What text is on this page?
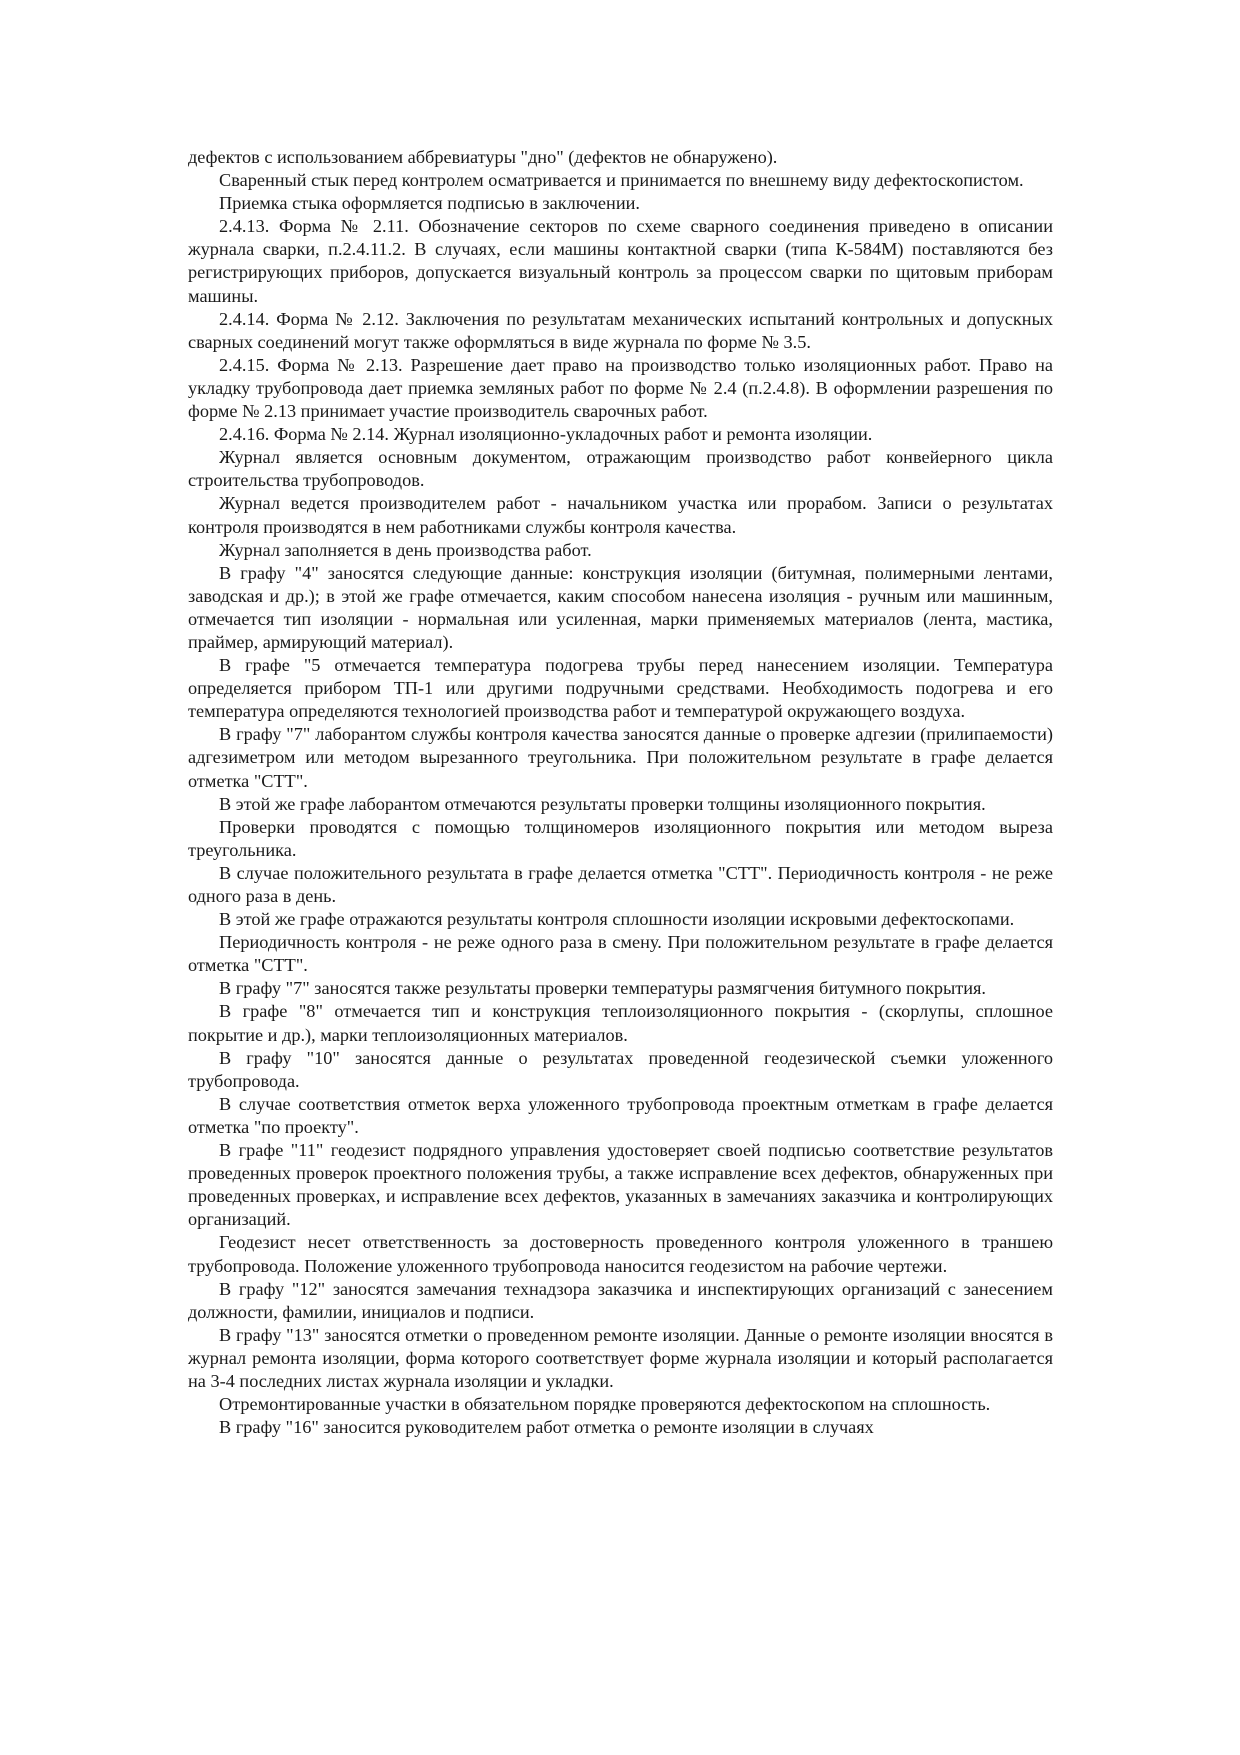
дефектов с использованием аббревиатуры "дно" (дефектов не обнаружено).

Сваренный стык перед контролем осматривается и принимается по внешнему виду дефектоскопистом.

Приемка стыка оформляется подписью в заключении.

2.4.13. Форма № 2.11. Обозначение секторов по схеме сварного соединения приведено в описании журнала сварки, п.2.4.11.2. В случаях, если машины контактной сварки (типа К-584М) поставляются без регистрирующих приборов, допускается визуальный контроль за процессом сварки по щитовым приборам машины.

2.4.14. Форма № 2.12. Заключения по результатам механических испытаний контрольных и допускных сварных соединений могут также оформляться в виде журнала по форме № 3.5.

2.4.15. Форма № 2.13. Разрешение дает право на производство только изоляционных работ. Право на укладку трубопровода дает приемка земляных работ по форме № 2.4 (п.2.4.8). В оформлении разрешения по форме № 2.13 принимает участие производитель сварочных работ.

2.4.16. Форма № 2.14. Журнал изоляционно-укладочных работ и ремонта изоляции.

Журнал является основным документом, отражающим производство работ конвейерного цикла строительства трубопроводов.

Журнал ведется производителем работ - начальником участка или прорабом. Записи о результатах контроля производятся в нем работниками службы контроля качества.

Журнал заполняется в день производства работ.

В графу "4" заносятся следующие данные: конструкция изоляции (битумная, полимерными лентами, заводская и др.); в этой же графе отмечается, каким способом нанесена изоляция - ручным или машинным, отмечается тип изоляции - нормальная или усиленная, марки применяемых материалов (лента, мастика, праймер, армирующий материал).

В графе "5 отмечается температура подогрева трубы перед нанесением изоляции. Температура определяется прибором ТП-1 или другими подручными средствами. Необходимость подогрева и его температура определяются технологией производства работ и температурой окружающего воздуха.

В графу "7" лаборантом службы контроля качества заносятся данные о проверке адгезии (прилипаемости) адгезиметром или методом вырезанного треугольника. При положительном результате в графе делается отметка "СТТ".

В этой же графе лаборантом отмечаются результаты проверки толщины изоляционного покрытия.

Проверки проводятся с помощью толщиномеров изоляционного покрытия или методом выреза треугольника.

В случае положительного результата в графе делается отметка "СТТ". Периодичность контроля - не реже одного раза в день.

В этой же графе отражаются результаты контроля сплошности изоляции искровыми дефектоскопами.

Периодичность контроля - не реже одного раза в смену. При положительном результате в графе делается отметка "СТТ".

В графу "7" заносятся также результаты проверки температуры размягчения битумного покрытия.

В графе "8" отмечается тип и конструкция теплоизоляционного покрытия - (скорлупы, сплошное покрытие и др.), марки теплоизоляционных материалов.

В графу "10" заносятся данные о результатах проведенной геодезической съемки уложенного трубопровода.

В случае соответствия отметок верха уложенного трубопровода проектным отметкам в графе делается отметка "по проекту".

В графе "11" геодезист подрядного управления удостоверяет своей подписью соответствие результатов проведенных проверок проектного положения трубы, а также исправление всех дефектов, обнаруженных при проведенных проверках, и исправление всех дефектов, указанных в замечаниях заказчика и контролирующих организаций.

Геодезист несет ответственность за достоверность проведенного контроля уложенного в траншею трубопровода. Положение уложенного трубопровода наносится геодезистом на рабочие чертежи.

В графу "12" заносятся замечания технадзора заказчика и инспектирующих организаций с занесением должности, фамилии, инициалов и подписи.

В графу "13" заносятся отметки о проведенном ремонте изоляции. Данные о ремонте изоляции вносятся в журнал ремонта изоляции, форма которого соответствует форме журнала изоляции и который располагается на 3-4 последних листах журнала изоляции и укладки.

Отремонтированные участки в обязательном порядке проверяются дефектоскопом на сплошность.

В графу "16" заносится руководителем работ отметка о ремонте изоляции в случаях
